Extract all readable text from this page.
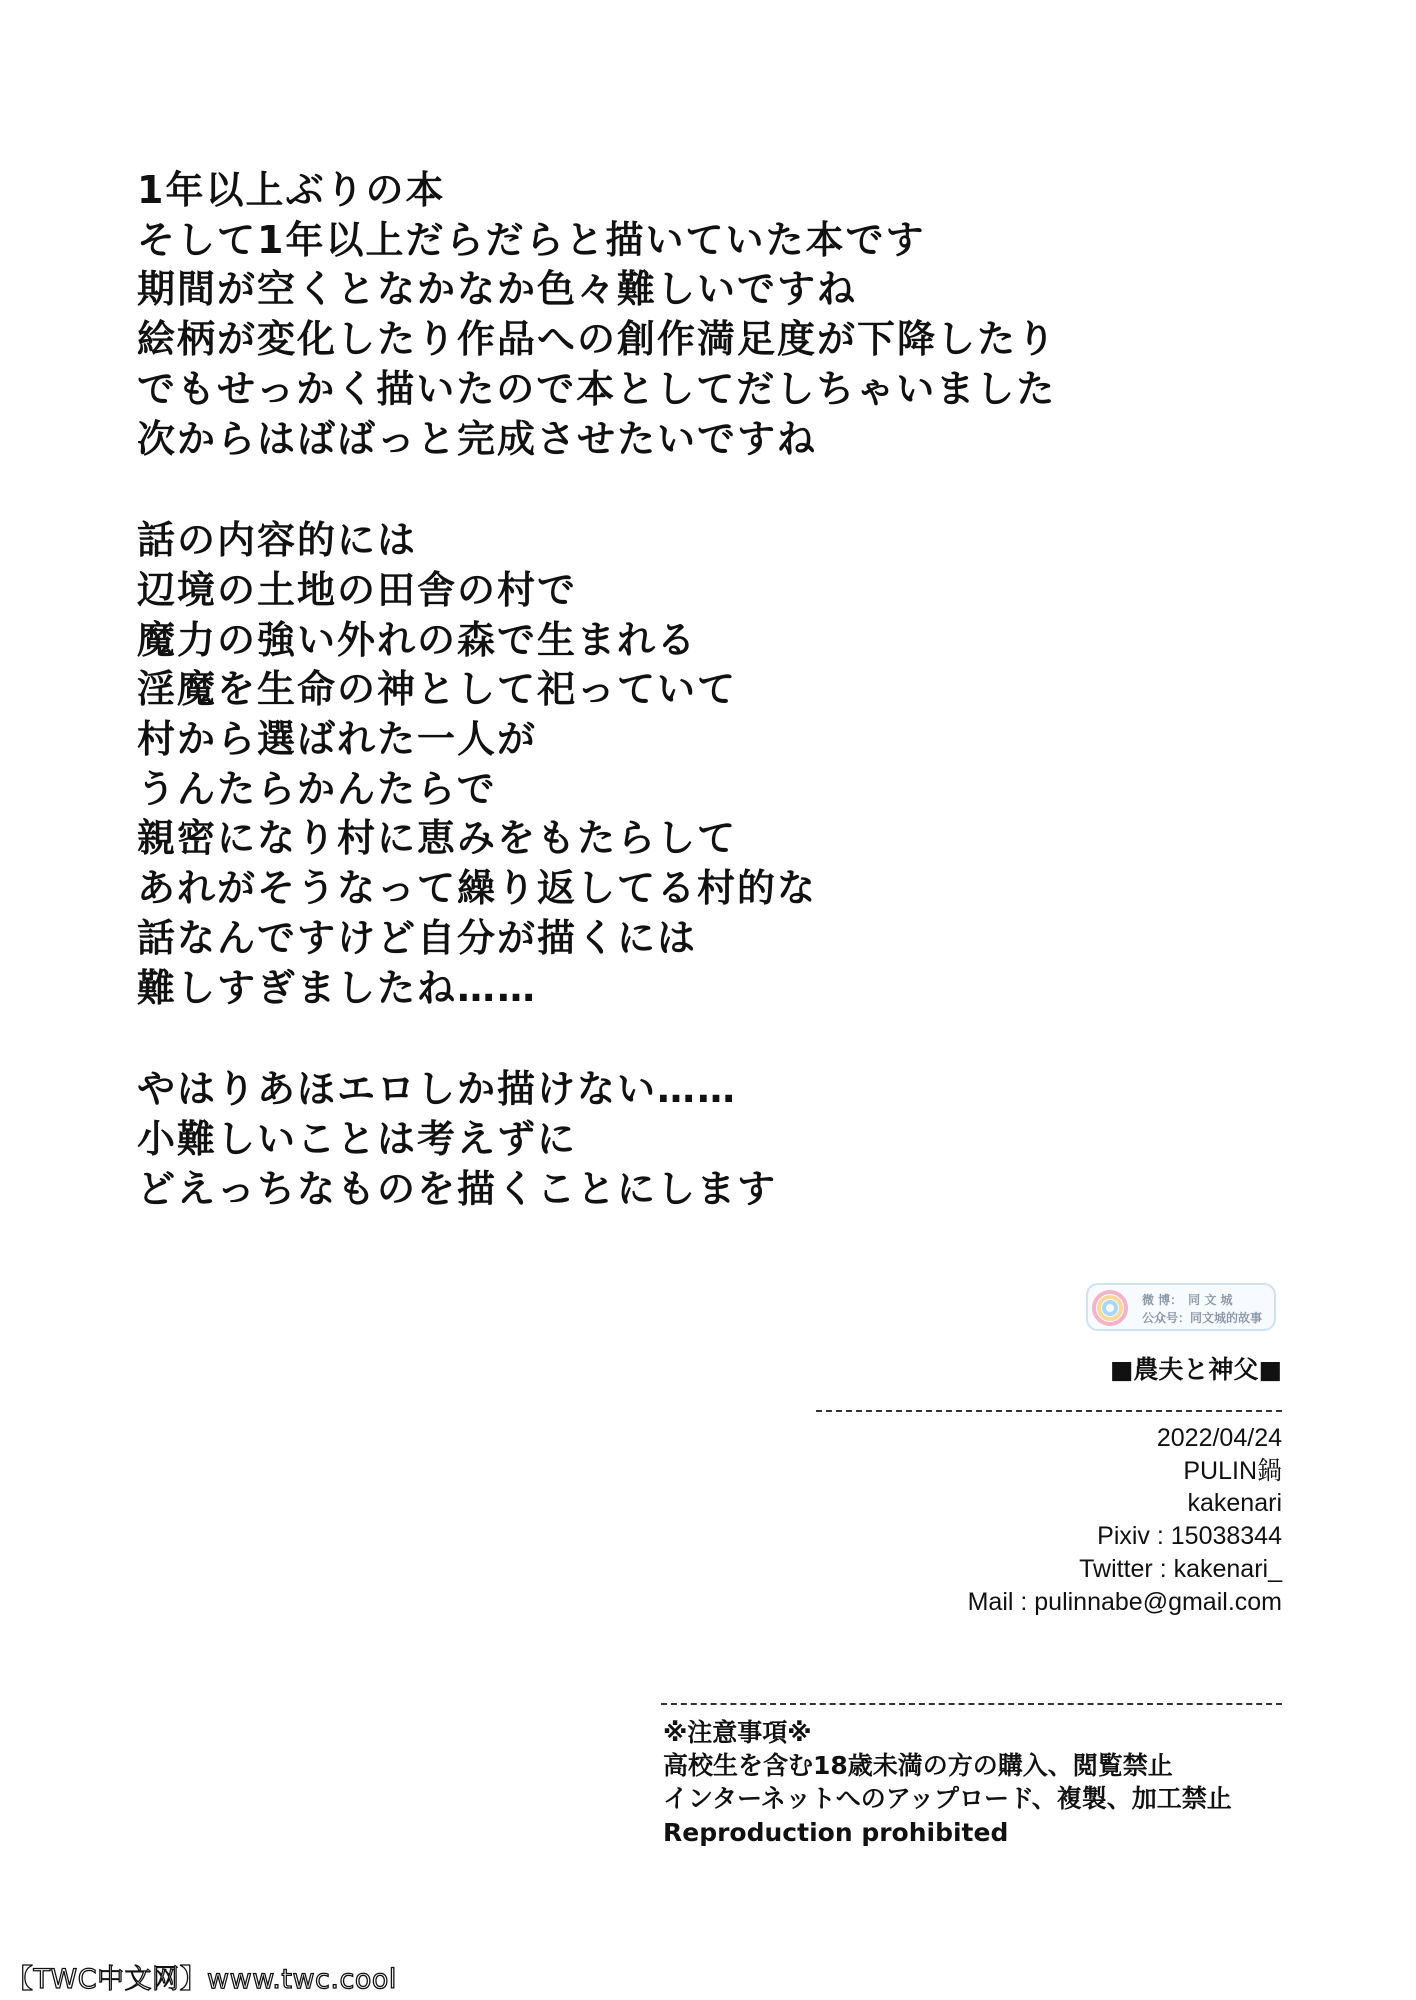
1年以上ぶりの本
そして1年以上だらだらと描いていた本です
期間が空くとなかなか色々難しいですね
絵柄が変化したり作品への創作満足度が下降したり
でもせっかく描いたので本としてだしちゃいました
次からはばばっと完成させたいですね
話の内容的には
辺境の土地の田舎の村で
魔力の強い外れの森で生まれる
淫魔を生命の神として祀っていて
村から選ばれた一人が
うんたらかんたらで
親密になり村に恵みをもたらして
あれがそうなって繰り返してる村的な
話なんですけど自分が描くには
難しすぎましたね……
やはりあほエロしか描けない……
小難しいことは考えずに
どえっちなものを描くことにします
微 博：　同 文 城
公众号：同文城的故事
■農夫と神父■
2022/04/24
PULIN鍋
kakenari
Pixiv : 15038344
Twitter : kakenari_
Mail : pulinnabe@gmail.com
※注意事項※
高校生を含む18歳未満の方の購入、閲覧禁止
インターネットへのアップロード、複製、加工禁止
Reproduction prohibited
【TWC中文网】www.twc.cool
